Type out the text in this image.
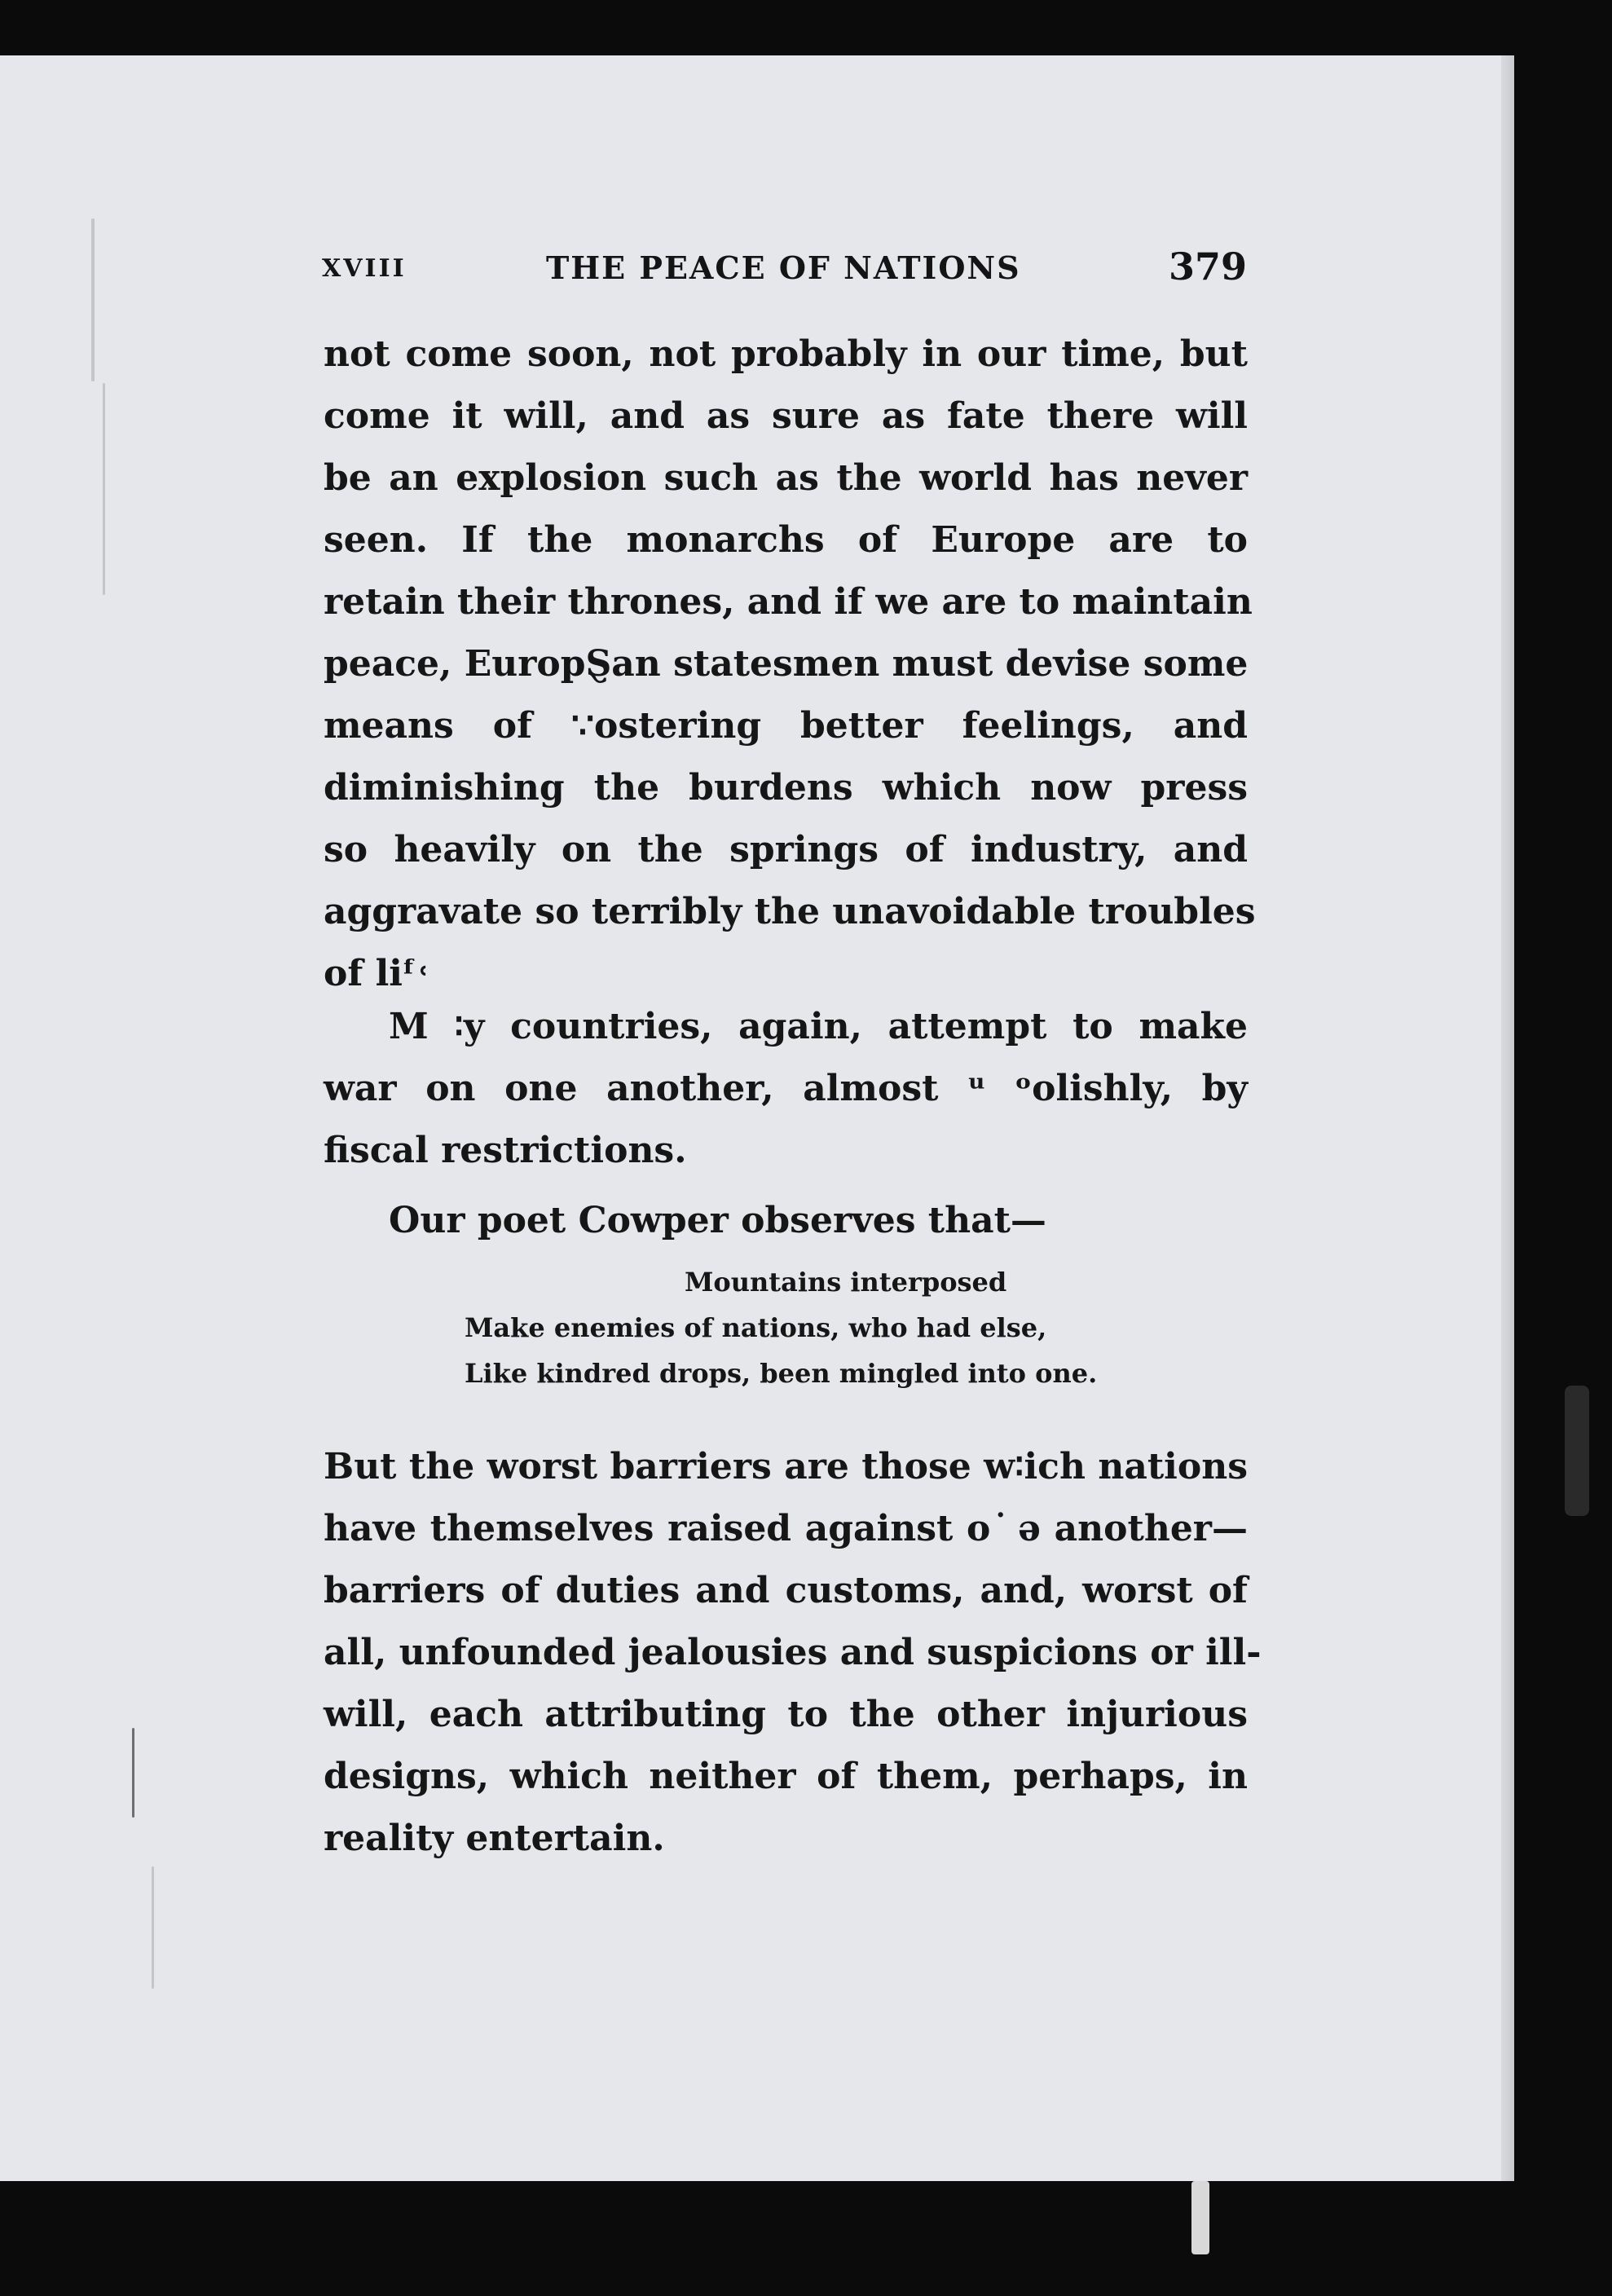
XVIII	THE PEACE OF NATIONS	379
not come soon, not probably in our time, but
come it will, and as sure as fate there will
be an explosion such as the world has never
seen. If the monarchs of Europe are to
retain their thrones, and if we are to maintain
peace, EuropⱾan statesmen must devise some
means of ∵ostering better feelings, and
diminishing the burdens which now press
so heavily on the springs of industry, and
aggravate so terribly the unavoidable troubles
of liᶠ˓
M ∶y countries, again, attempt to make
war on one another, almost ᵘ ᵒolishly, by
fiscal restrictions.
Our poet Cowper observes that—
Mountains interposed
Make enemies of nations, who had else,
Like kindred drops, been mingled into one.
But the worst barriers are those w∶ich nations
have themselves raised against o˙ ə another—
barriers of duties and customs, and, worst of
all, unfounded jealousies and suspicions or ill-
will, each attributing to the other injurious
designs, which neither of them, perhaps, in
reality entertain.
